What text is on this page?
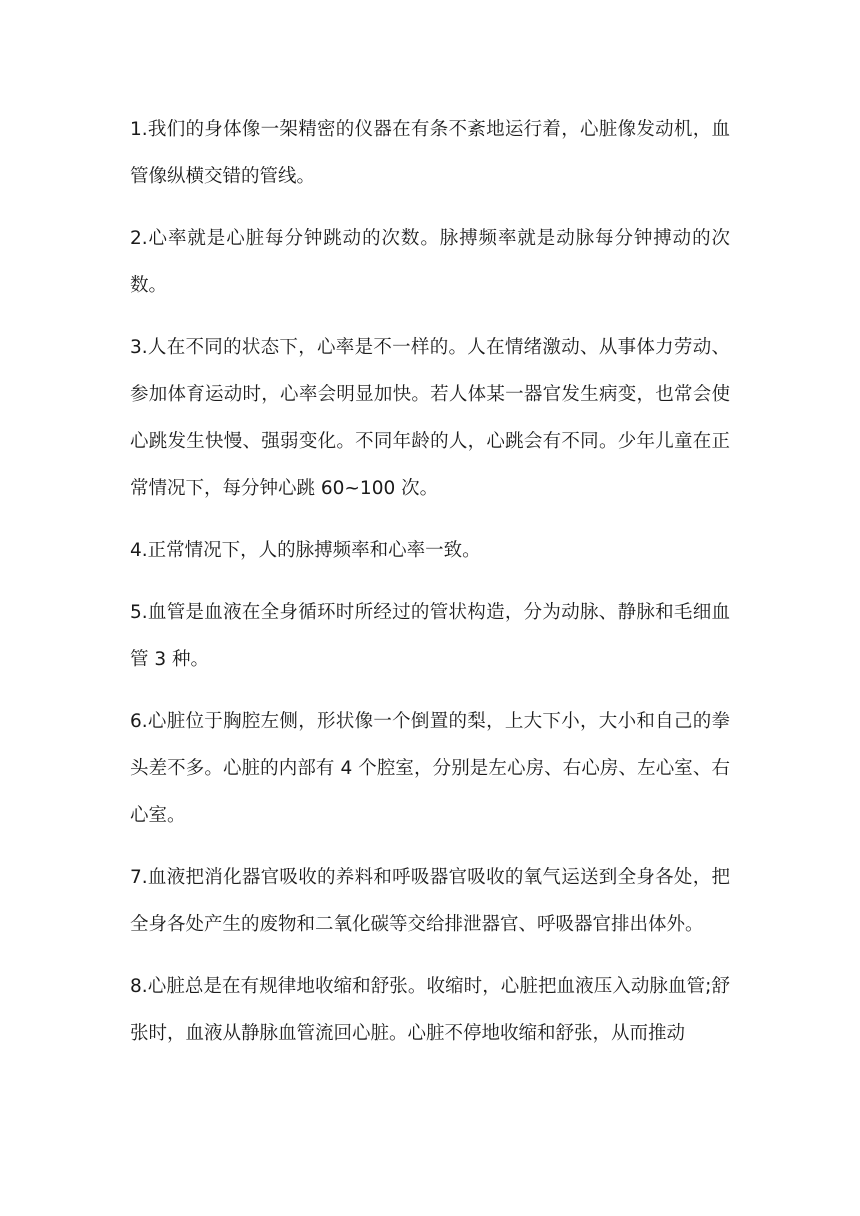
1.我们的身体像一架精密的仪器在有条不紊地运行着，心脏像发动机，血管像纵横交错的管线。

2.心率就是心脏每分钟跳动的次数。脉搏频率就是动脉每分钟搏动的次数。

3.人在不同的状态下，心率是不一样的。人在情绪激动、从事体力劳动、参加体育运动时，心率会明显加快。若人体某一器官发生病变，也常会使心跳发生快慢、强弱变化。不同年龄的人，心跳会有不同。少年儿童在正常情况下，每分钟心跳 60~100 次。

4.正常情况下，人的脉搏频率和心率一致。

5.血管是血液在全身循环时所经过的管状构造，分为动脉、静脉和毛细血管 3 种。

6.心脏位于胸腔左侧，形状像一个倒置的梨，上大下小，大小和自己的拳头差不多。心脏的内部有 4 个腔室，分别是左心房、右心房、左心室、右心室。

7.血液把消化器官吸收的养料和呼吸器官吸收的氧气运送到全身各处，把全身各处产生的废物和二氧化碳等交给排泄器官、呼吸器官排出体外。

8.心脏总是在有规律地收缩和舒张。收缩时，心脏把血液压入动脉血管;舒张时，血液从静脉血管流回心脏。心脏不停地收缩和舒张，从而推动
